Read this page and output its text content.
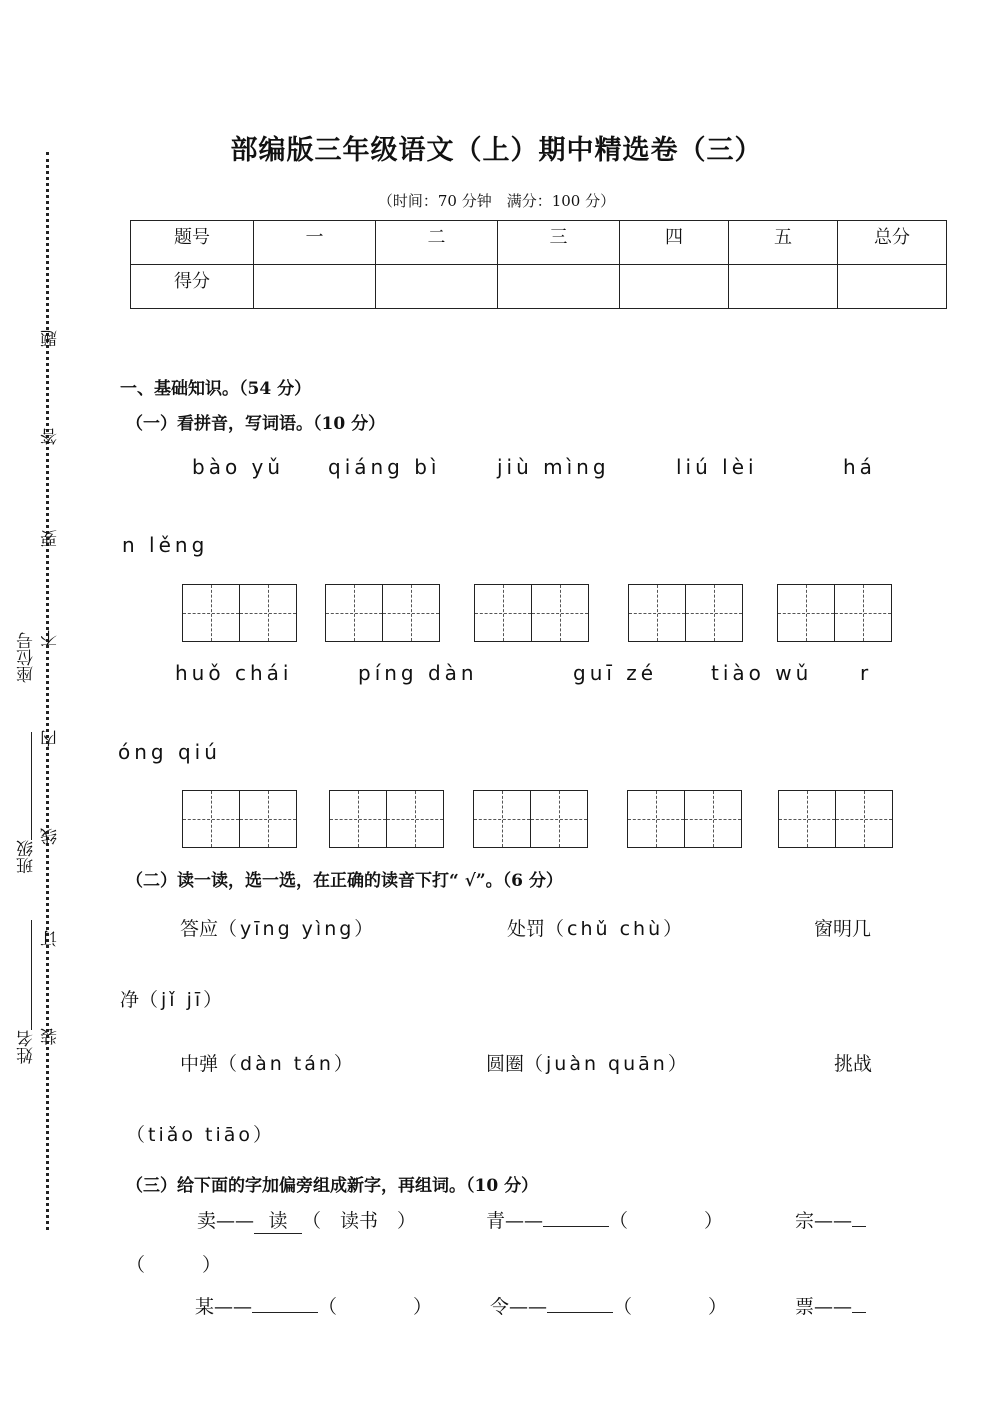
姓名
班级
座位号
装
订
线
内
不
要
答
题
部编版三年级语文（上）期中精选卷（三）
（时间：70 分钟　满分：100 分）
题号	一	二	三	四	五	总分
得分						
一、基础知识。（54 分）
（一）看拼音，写词语。（10 分）
bào yǔ qiáng bì	jiù mìng	liú lèi	há
n lěng
huǒ chái	píng dàn	guī zé	tiào wǔ r
óng qiú
（二）读一读，选一选，在正确的读音下打“ √”。（6 分）
答应（yīng yìng）	处罚（chǔ chù）	窗明几
净（jǐ jī）
中弹（dàn tán）	圆圈（juàn quān）	挑战
（tiǎo tiāo）
（三）给下面的字加偏旁组成新字，再组词。（10 分）
卖—— 读 （　读书　）	青——	（　　　　）	宗——
（　　　）
某——	（　　　　）	令——	（　　　　）	票——
